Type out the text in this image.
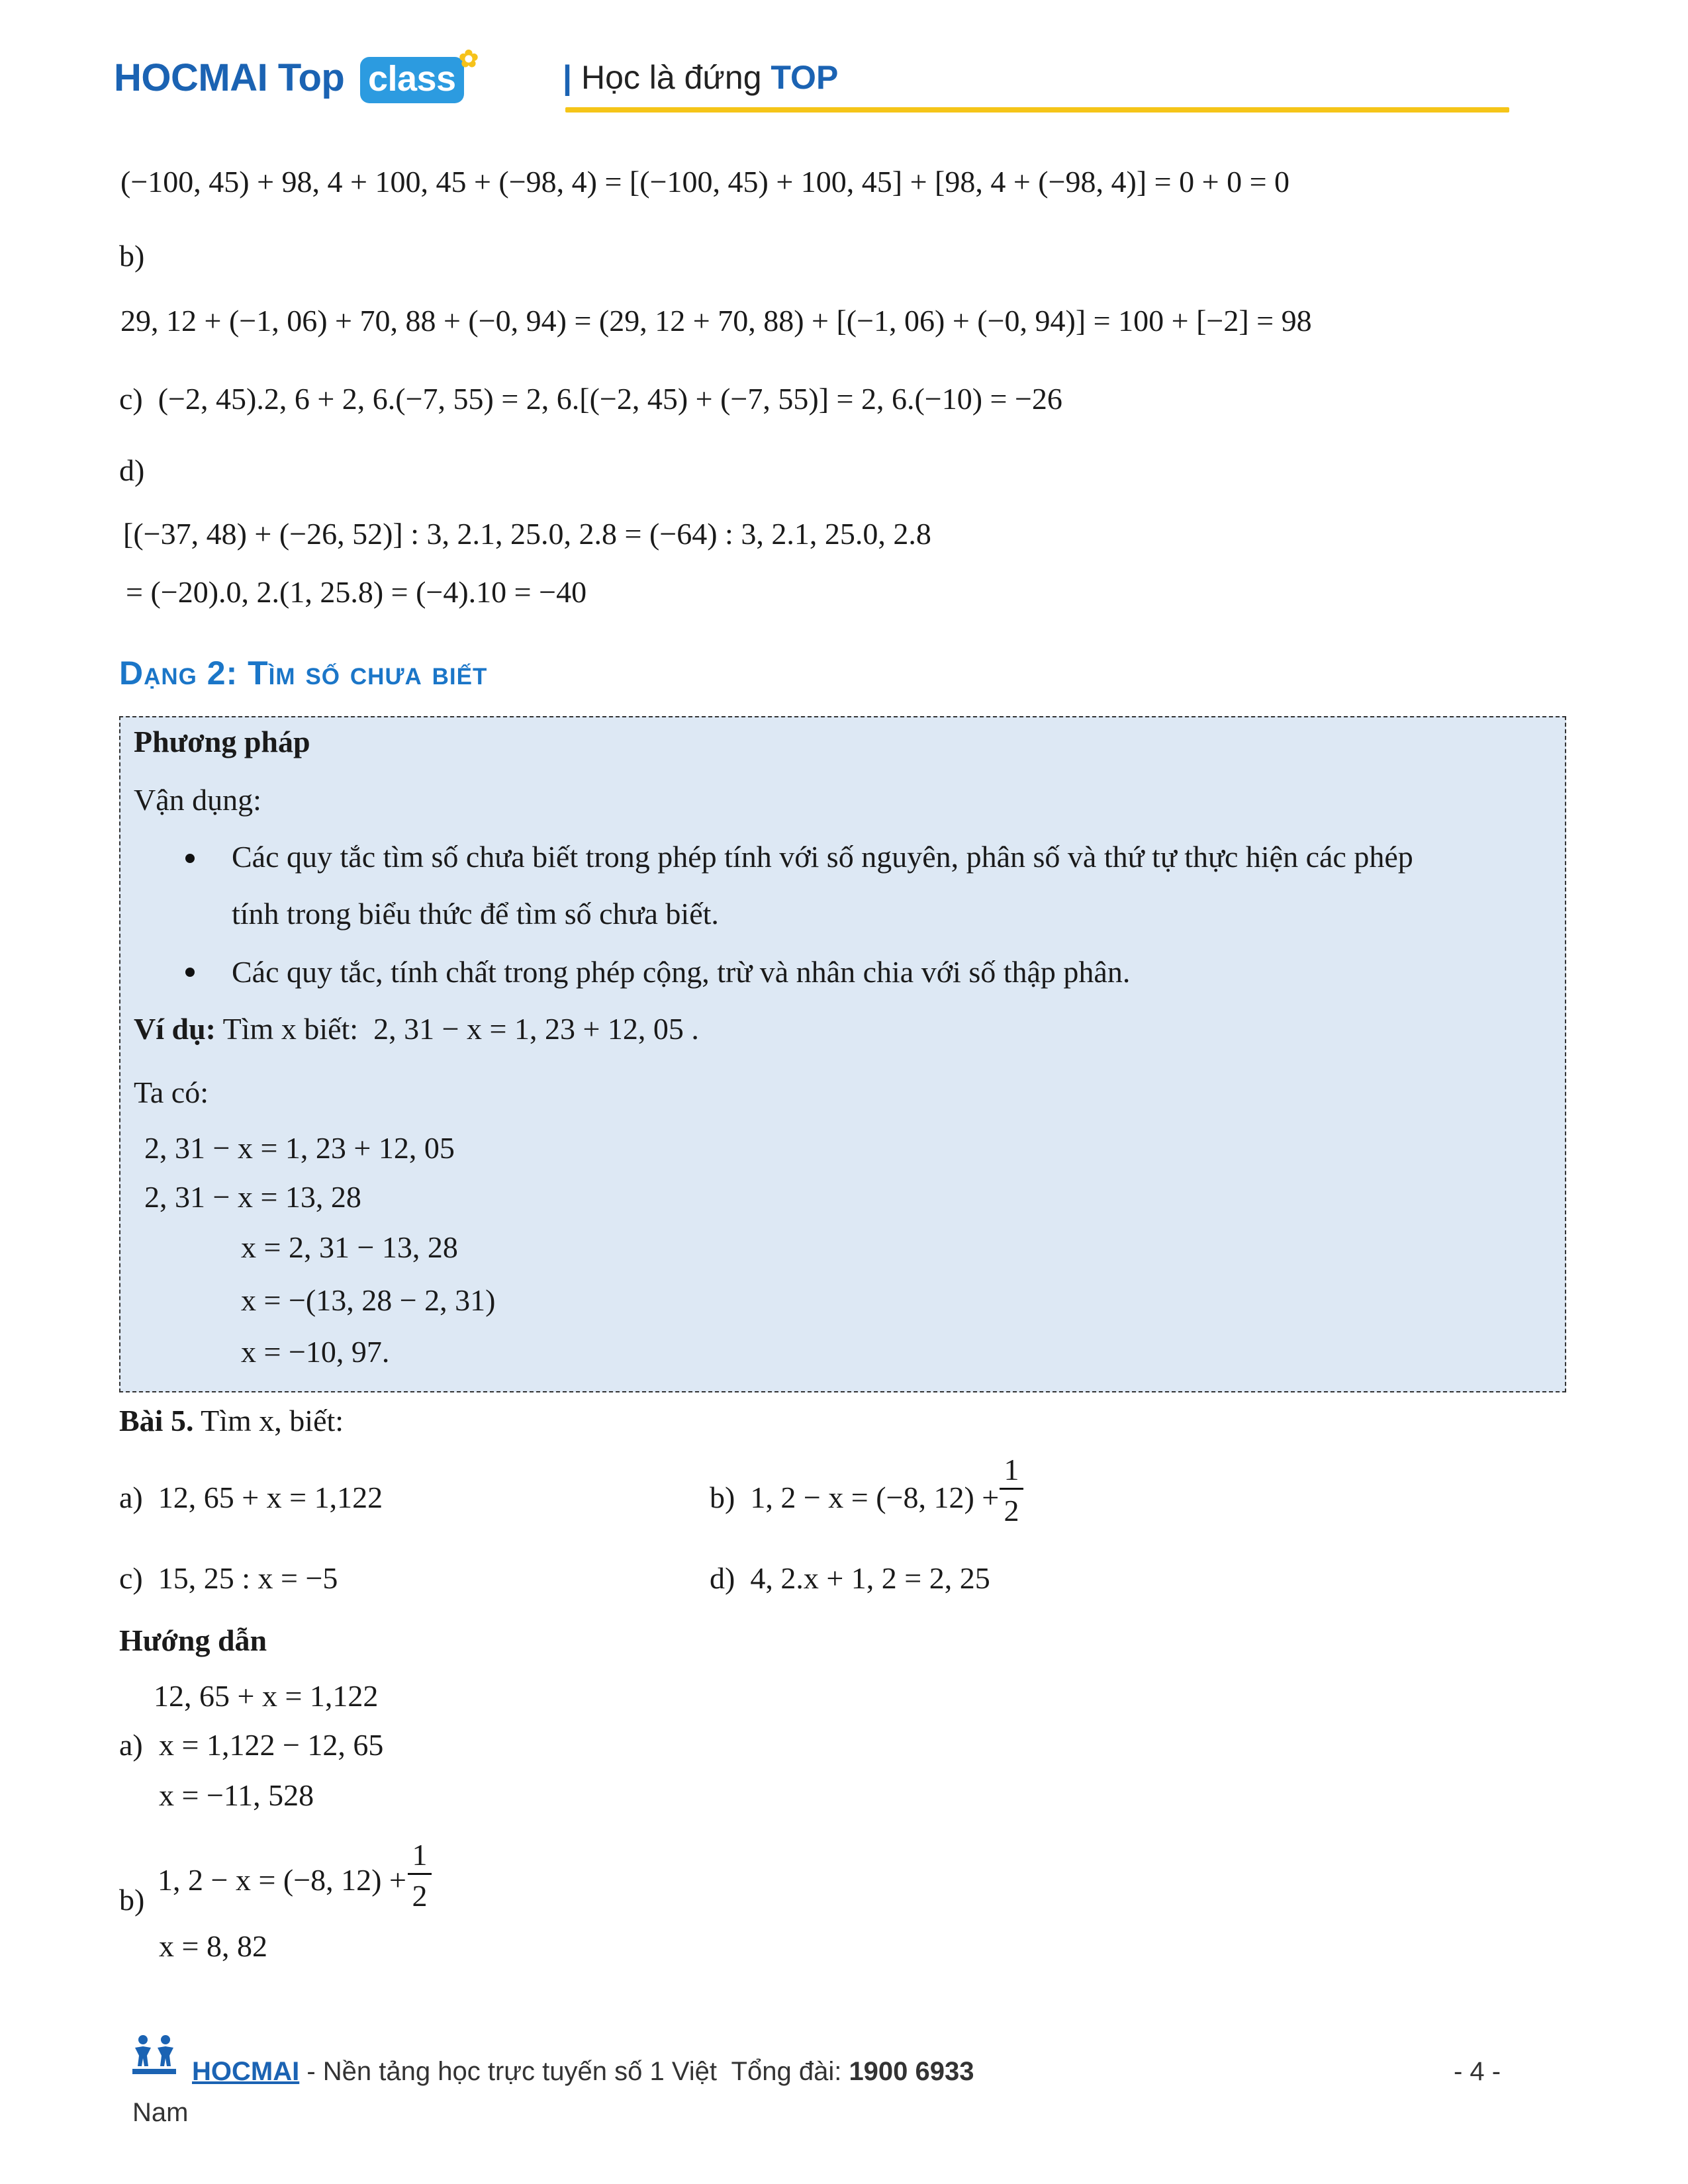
HOCMAI Top class
✿
| Học là đứng TOP
(−100, 45) + 98, 4 + 100, 45 + (−98, 4) = [(−100, 45) + 100, 45] + [98, 4 + (−98, 4)] = 0 + 0 = 0
b)
29, 12 + (−1, 06) + 70, 88 + (−0, 94) = (29, 12 + 70, 88) + [(−1, 06) + (−0, 94)] = 100 + [−2] = 98
c)  (−2, 45).2, 6 + 2, 6.(−7, 55) = 2, 6.[(−2, 45) + (−7, 55)] = 2, 6.(−10) = −26
d)
[(−37, 48) + (−26, 52)] : 3, 2.1, 25.0, 2.8 = (−64) : 3, 2.1, 25.0, 2.8
= (−20).0, 2.(1, 25.8) = (−4).10 = −40
Dạng 2: Tìm số chưa biết
Phương pháp
Vận dụng:
Các quy tắc tìm số chưa biết trong phép tính với số nguyên, phân số và thứ tự thực hiện các phép
tính trong biểu thức để tìm số chưa biết.
Các quy tắc, tính chất trong phép cộng, trừ và nhân chia với số thập phân.
Ví dụ: Tìm x biết:  2, 31 − x = 1, 23 + 12, 05 .
Ta có:
2, 31 − x = 1, 23 + 12, 05
2, 31 − x = 13, 28
x = 2, 31 − 13, 28
x = −(13, 28 − 2, 31)
x = −10, 97.
Bài 5. Tìm x, biết:
a)  12, 65 + x = 1,122	b)  1, 2 − x = (−8, 12) +
1
2
c)  15, 25 : x = −5	d)  4, 2.x + 1, 2 = 2, 25
Hướng dẫn
12, 65 + x = 1,122
a) x = 1,122 − 12, 65
x = −11, 528
b)
1, 2 − x = (−8, 12) +
1
2
x = 8, 82
HOCMAI - Nền tảng học trực tuyến số 1 Việt  Tổng đài: 1900 6933
Nam
- 4 -
